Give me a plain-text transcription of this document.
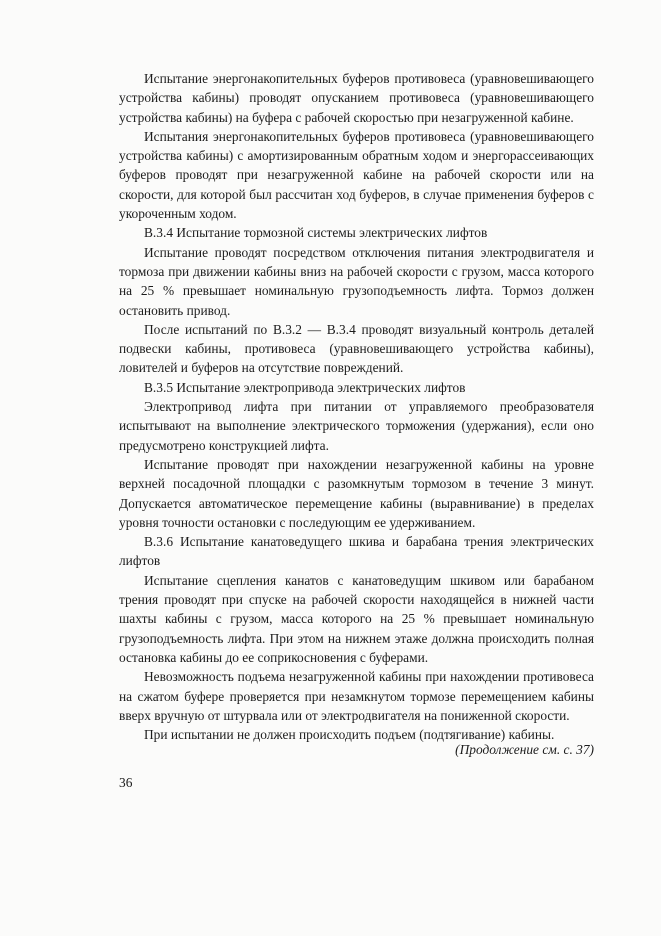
Испытание энергонакопительных буферов противовеса (уравновешивающего устройства кабины) проводят опусканием противовеса (уравновешивающего устройства кабины) на буфера с рабочей скоростью при незагруженной кабине.

Испытания энергонакопительных буферов противовеса (уравновешивающего устройства кабины) с амортизированным обратным ходом и энергорассеивающих буферов проводят при незагруженной кабине на рабочей скорости или на скорости, для которой был рассчитан ход буферов, в случае применения буферов с укороченным ходом.

В.3.4 Испытание тормозной системы электрических лифтов

Испытание проводят посредством отключения питания электродвигателя и тормоза при движении кабины вниз на рабочей скорости с грузом, масса которого на 25 % превышает номинальную грузоподъемность лифта. Тормоз должен остановить привод.

После испытаний по В.3.2 — В.3.4 проводят визуальный контроль деталей подвески кабины, противовеса (уравновешивающего устройства кабины), ловителей и буферов на отсутствие повреждений.

В.3.5 Испытание электропривода электрических лифтов

Электропривод лифта при питании от управляемого преобразователя испытывают на выполнение электрического торможения (удержания), если оно предусмотрено конструкцией лифта.

Испытание проводят при нахождении незагруженной кабины на уровне верхней посадочной площадки с разомкнутым тормозом в течение 3 минут. Допускается автоматическое перемещение кабины (выравнивание) в пределах уровня точности остановки с последующим ее удерживанием.

В.3.6 Испытание канатоведущего шкива и барабана трения электрических лифтов

Испытание сцепления канатов с канатоведущим шкивом или барабаном трения проводят при спуске на рабочей скорости находящейся в нижней части шахты кабины с грузом, масса которого на 25 % превышает номинальную грузоподъемность лифта. При этом на нижнем этаже должна происходить полная остановка кабины до ее соприкосновения с буферами.

Невозможность подъема незагруженной кабины при нахождении противовеса на сжатом буфере проверяется при незамкнутом тормозе перемещением кабины вверх вручную от штурвала или от электродвигателя на пониженной скорости.

При испытании не должен происходить подъем (подтягивание) кабины.

(Продолжение см. с. 37)
36
